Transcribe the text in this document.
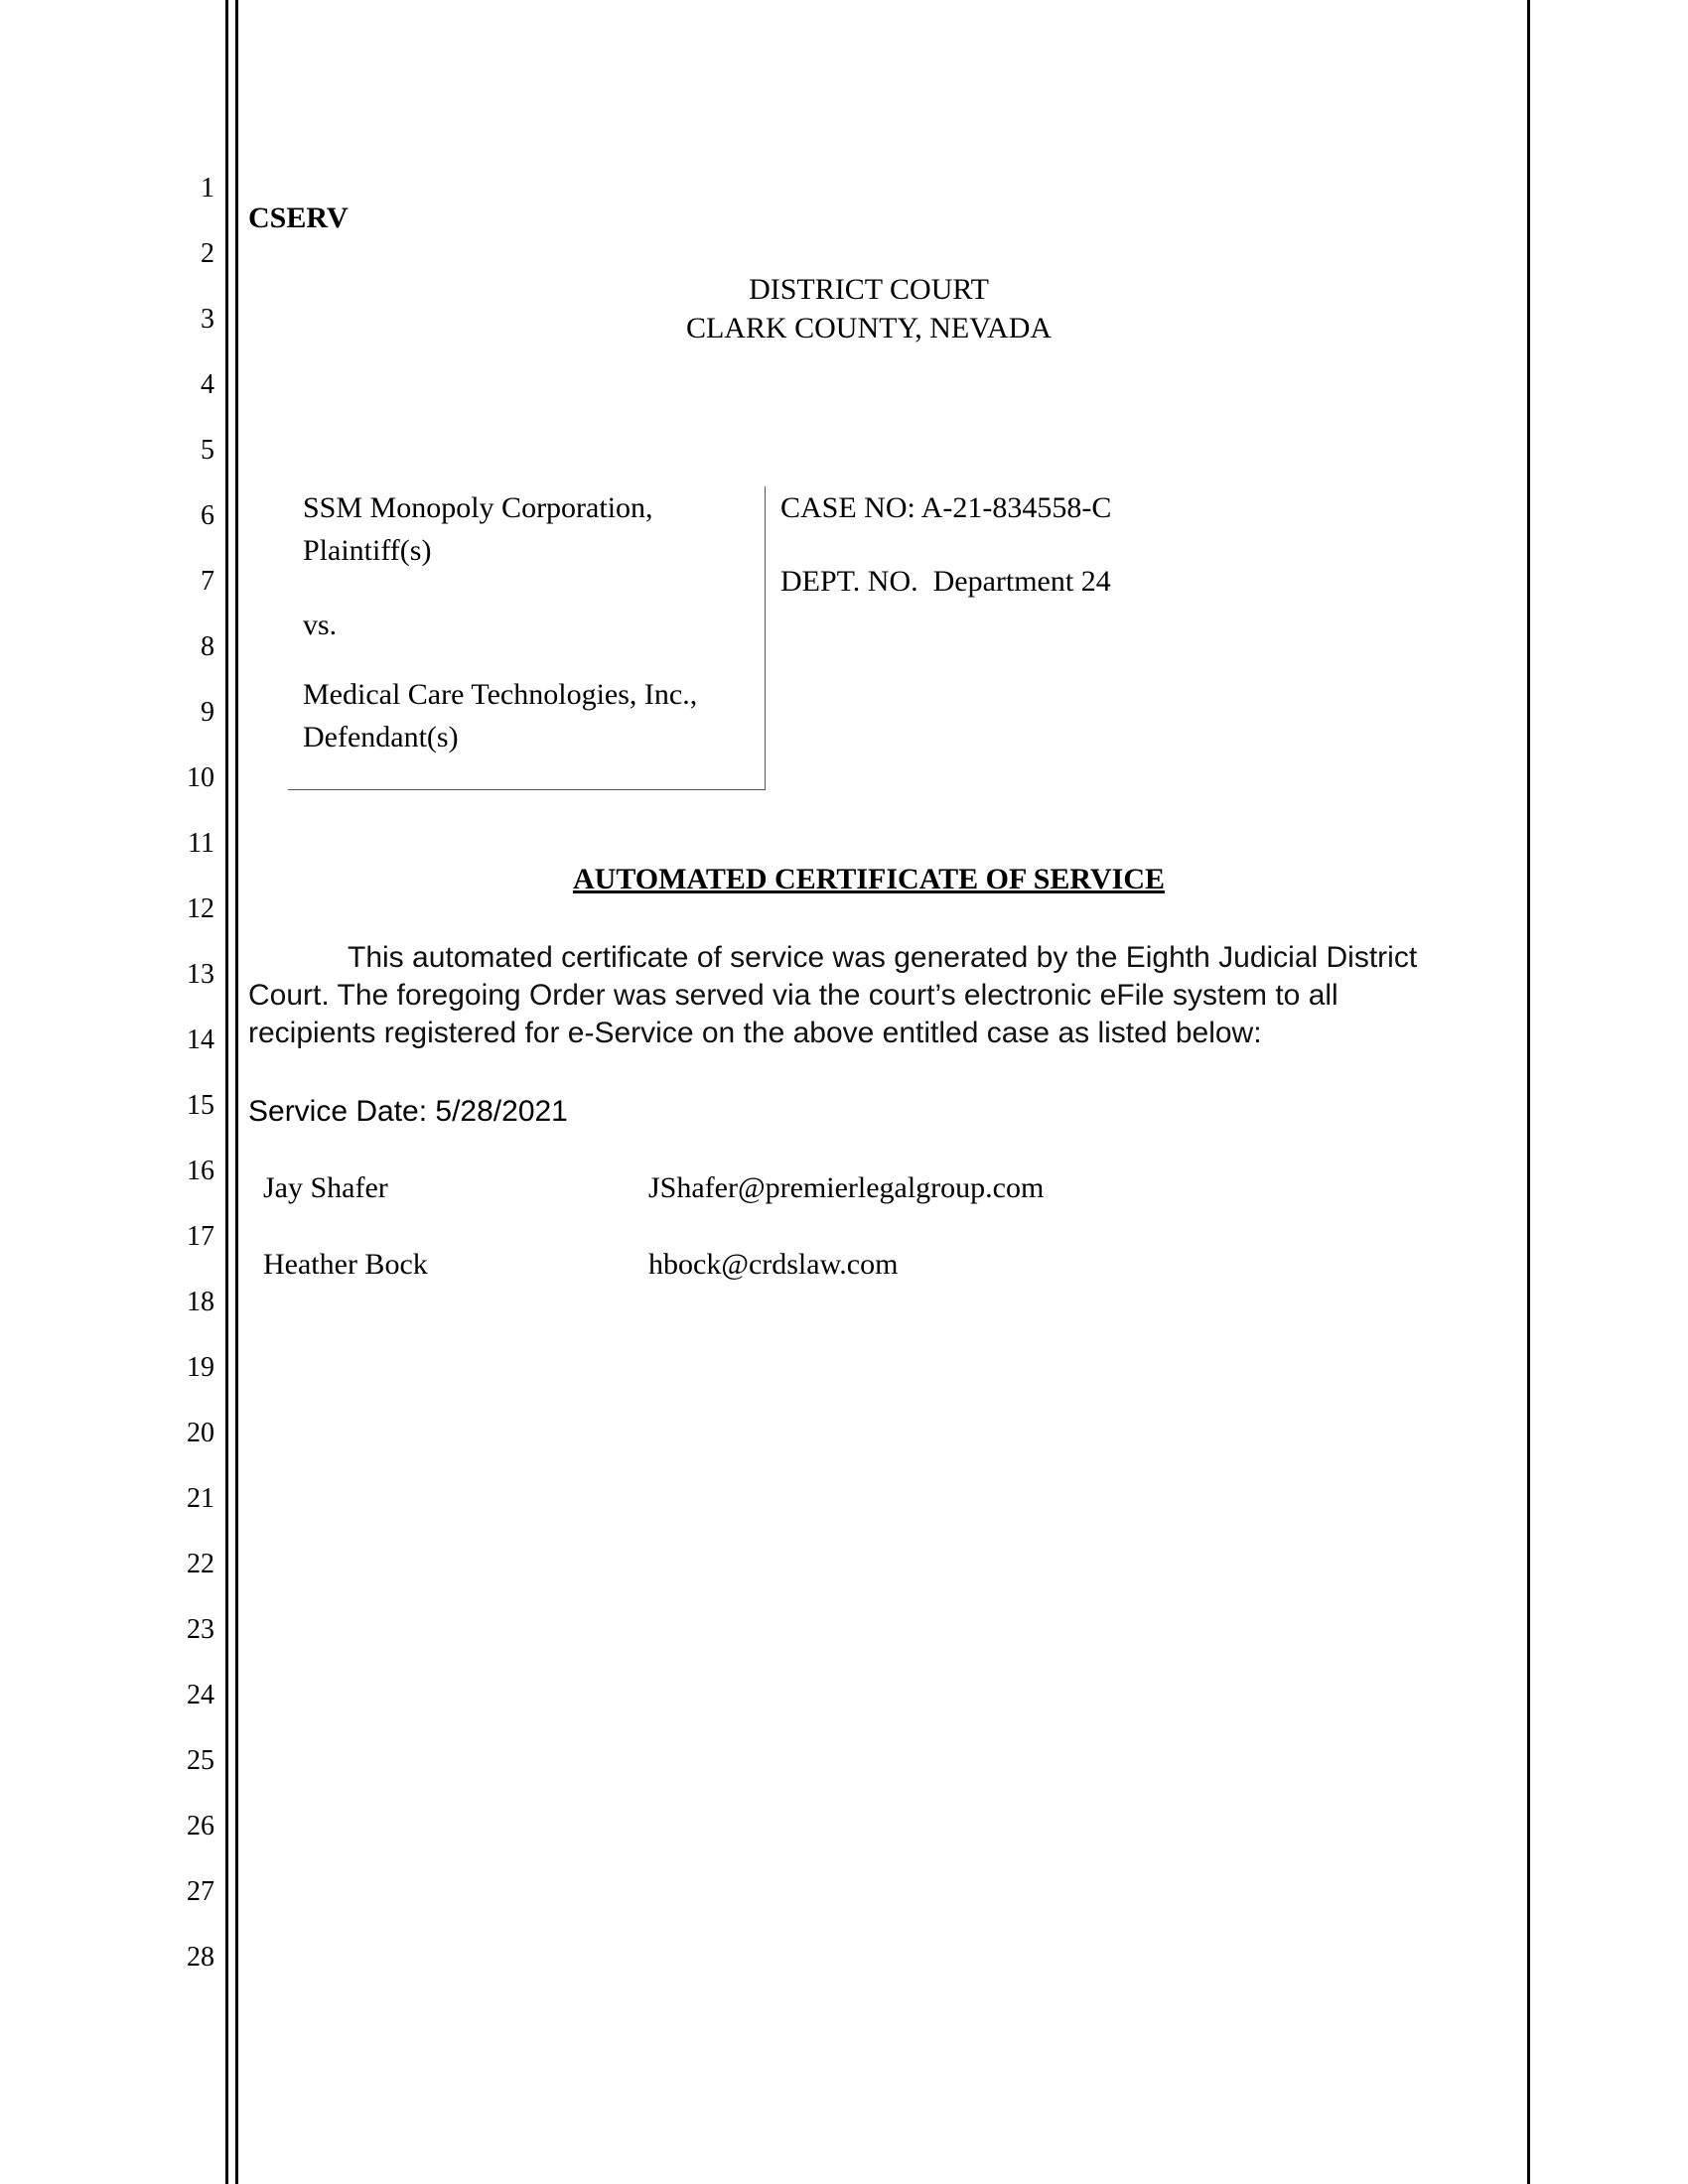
1
2
3
4
5
6
7
8
9
10
11
12
13
14
15
16
17
18
19
20
21
22
23
24
25
26
27
28
CSERV
DISTRICT COURT
CLARK COUNTY, NEVADA
SSM Monopoly Corporation,
Plaintiff(s)
vs.
Medical Care Technologies, Inc.,
Defendant(s)
CASE NO: A-21-834558-C
DEPT. NO.  Department 24
AUTOMATED CERTIFICATE OF SERVICE
This automated certificate of service was generated by the Eighth Judicial District
Court. The foregoing Order was served via the court’s electronic eFile system to all
recipients registered for e-Service on the above entitled case as listed below:
Service Date: 5/28/2021
Jay Shafer	JShafer@premierlegalgroup.com
Heather Bock	hbock@crdslaw.com
